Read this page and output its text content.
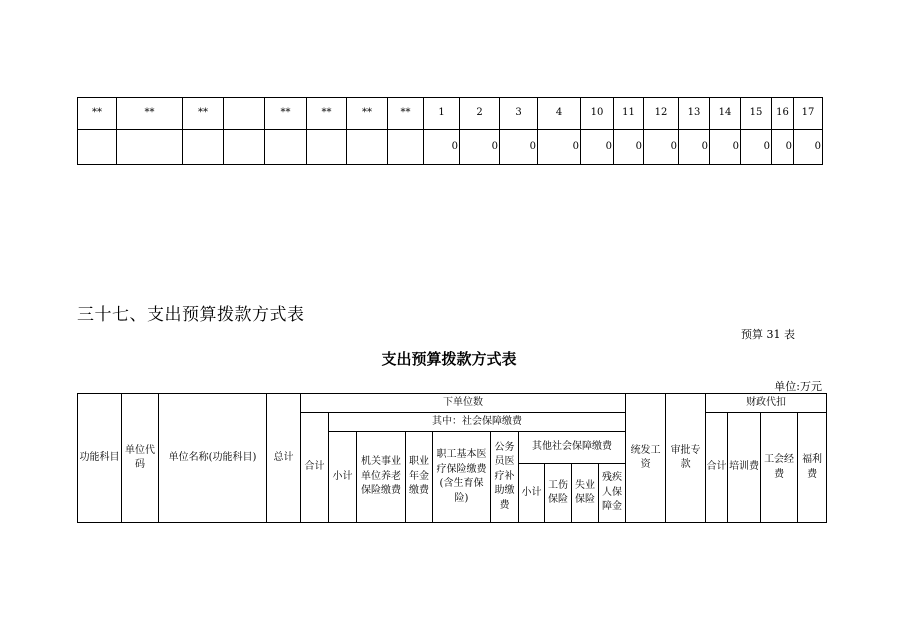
**	**	**		**	**	**	**	1	2	3	4	10	11	12	13	14	15	16	17
								0	0	0	0	0	0	0	0	0	0	0	0
三十七、支出预算拨款方式表
预算 31 表
支出预算拨款方式表
单位:万元
功能科目	单位代码	单位名称(功能科目)	总计	下单位数										统发工资	审批专款	财政代扣			
				合计	其中：社会保障缴费											合计	培训费	工会经费	福利费
					小计	机关事业单位养老保险缴费	职业年金缴费	职工基本医疗保险缴费(含生育保险)	公务员医疗补助缴费	其他社会保障缴费									
										小计	工伤保险	失业保险	残疾人保障金						
